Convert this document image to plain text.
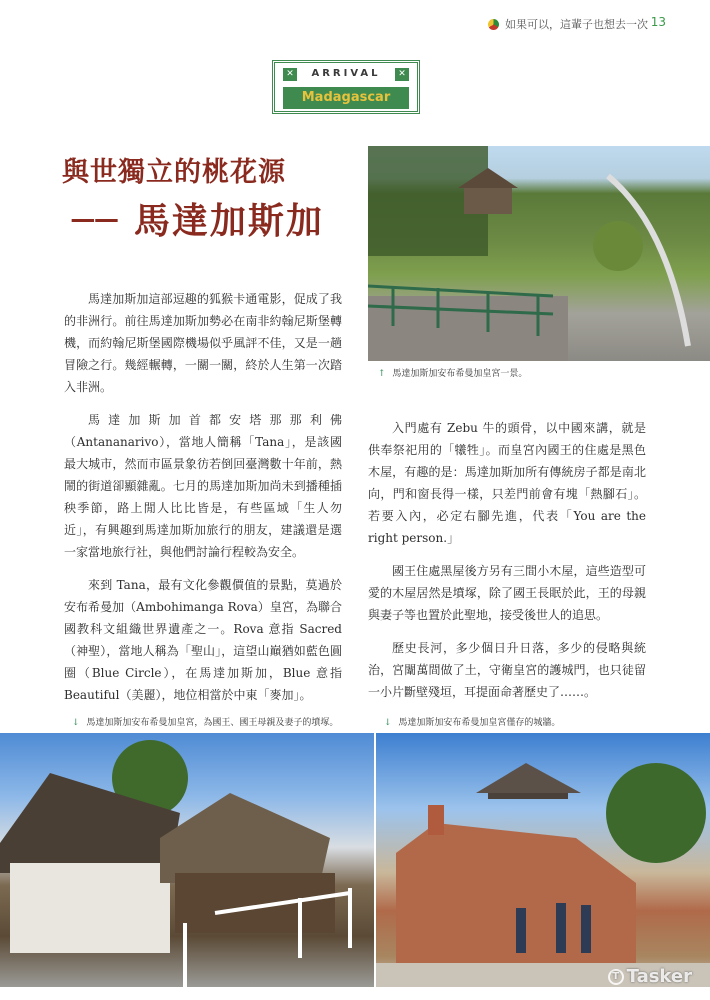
如果可以，這輩子也想去一次 13
✕	ARRIVAL	✕
Madagascar
與世獨立的桃花源
── 馬達加斯加
↑ 馬達加斯加安布希曼加皇宮一景。

馬達加斯加這部逗趣的狐猴卡通電影，促成了我的非洲行。前往馬達加斯加勢必在南非約翰尼斯堡轉機，而約翰尼斯堡國際機場似乎風評不佳，又是一趟冒險之行。幾經輾轉，一關一關，終於人生第一次踏入非洲。

馬達加斯加首都安塔那那利佛（Antananarivo），當地人簡稱「Tana」，是該國最大城市，然而市區景象彷若倒回臺灣數十年前，熱鬧的街道卻顯雜亂。七月的馬達加斯加尚未到播種插秧季節，路上閒人比比皆是，有些區域「生人勿近」，有興趣到馬達加斯加旅行的朋友，建議還是選一家當地旅行社，與他們討論行程較為安全。

來到 Tana，最有文化參觀價值的景點，莫過於安布希曼加（Ambohimanga Rova）皇宮，為聯合國教科文組織世界遺產之一。Rova 意指 Sacred（神聖），當地人稱為「聖山」，這望山巔猶如藍色圓圈（Blue Circle），在馬達加斯加，Blue 意指 Beautiful（美麗），地位相當於中東「麥加」。

入門處有 Zebu 牛的頭骨，以中國來講，就是供奉祭祀用的「犧牲」。而皇宮內國王的住處是黑色木屋，有趣的是：馬達加斯加所有傳統房子都是南北向，門和窗長得一樣，只差門前會有塊「熱腳石」。若要入內，必定右腳先進，代表「You are the right person.」

國王住處黑屋後方另有三間小木屋，這些造型可愛的木屋居然是墳塚，除了國王長眠於此，王的母親與妻子等也置於此聖地，接受後世人的追思。

歷史長河，多少個日升日落，多少的侵略與統治，宮闈萬間做了土，守衛皇宮的護城門，也只徒留一小片斷壁殘垣，耳提面命著歷史了……。

↓ 馬達加斯加安布希曼加皇宮，為國王、國王母親及妻子的墳塚。	↓ 馬達加斯加安布希曼加皇宮僅存的城牆。
T Tasker
